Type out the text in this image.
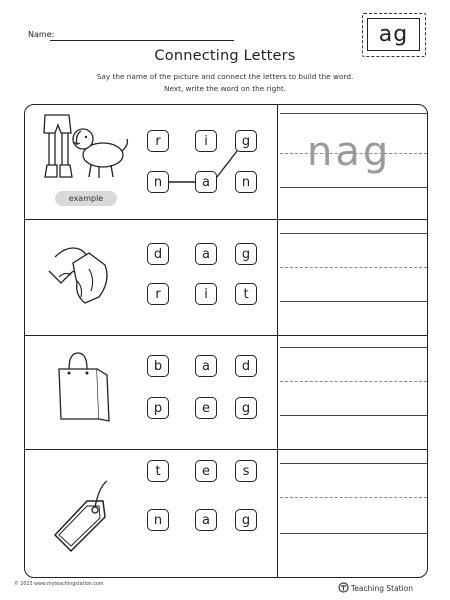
Name:	ag
Connecting Letters
Say the name of the picture and connect the letters to build the word.
Next, write the word on the right.
example
r	i	g
n	a	n
nag
d	a	g
r	i	t
b	a	d
p	e	g
t	e	s
n	a	g
© 2023 www.myteachingstation.com	Teaching Station
